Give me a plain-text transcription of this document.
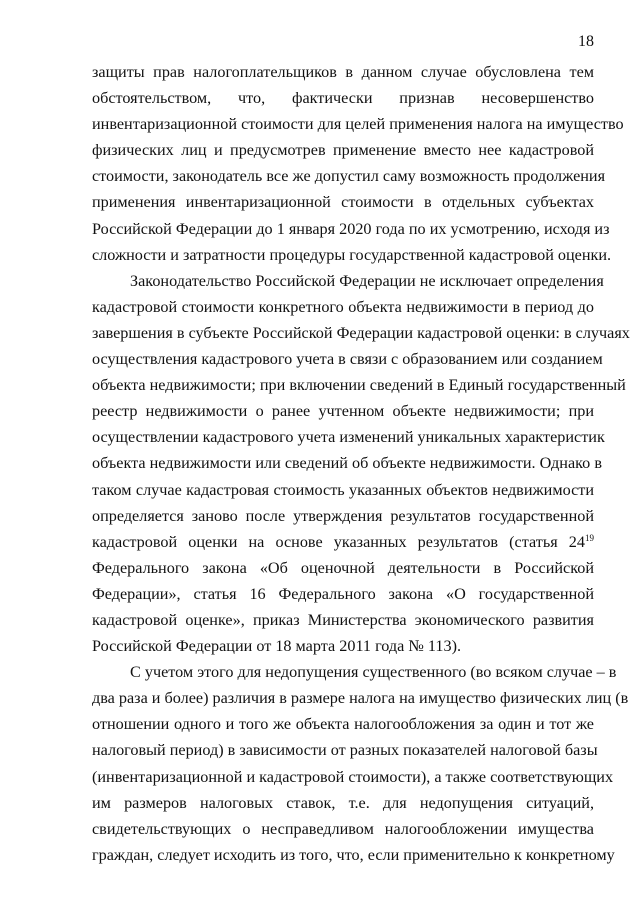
18
защиты прав налогоплательщиков в данном случае обусловлена тем
обстоятельством, что, фактически признав несовершенство
инвентаризационной стоимости для целей применения налога на имущество
физических лиц и предусмотрев применение вместо нее кадастровой
стоимости, законодатель все же допустил саму возможность продолжения
применения инвентаризационной стоимости в отдельных субъектах
Российской Федерации до 1 января 2020 года по их усмотрению, исходя из
сложности и затратности процедуры государственной кадастровой оценки.
Законодательство Российской Федерации не исключает определения
кадастровой стоимости конкретного объекта недвижимости в период до
завершения в субъекте Российской Федерации кадастровой оценки: в случаях
осуществления кадастрового учета в связи с образованием или созданием
объекта недвижимости; при включении сведений в Единый государственный
реестр недвижимости о ранее учтенном объекте недвижимости; при
осуществлении кадастрового учета изменений уникальных характеристик
объекта недвижимости или сведений об объекте недвижимости. Однако в
таком случае кадастровая стоимость указанных объектов недвижимости
определяется заново после утверждения результатов государственной
кадастровой оценки на основе указанных результатов (статья $24^{19}$
Федерального закона «Об оценочной деятельности в Российской
Федерации», статья 16 Федерального закона «О государственной
кадастровой оценке», приказ Министерства экономического развития
Российской Федерации от 18 марта 2011 года № 113).
С учетом этого для недопущения существенного (во всяком случае – в
два раза и более) различия в размере налога на имущество физических лиц (в
отношении одного и того же объекта налогообложения за один и тот же
налоговый период) в зависимости от разных показателей налоговой базы
(инвентаризационной и кадастровой стоимости), а также соответствующих
им размеров налоговых ставок, т.е. для недопущения ситуаций,
свидетельствующих о несправедливом налогообложении имущества
граждан, следует исходить из того, что, если применительно к конкретному
